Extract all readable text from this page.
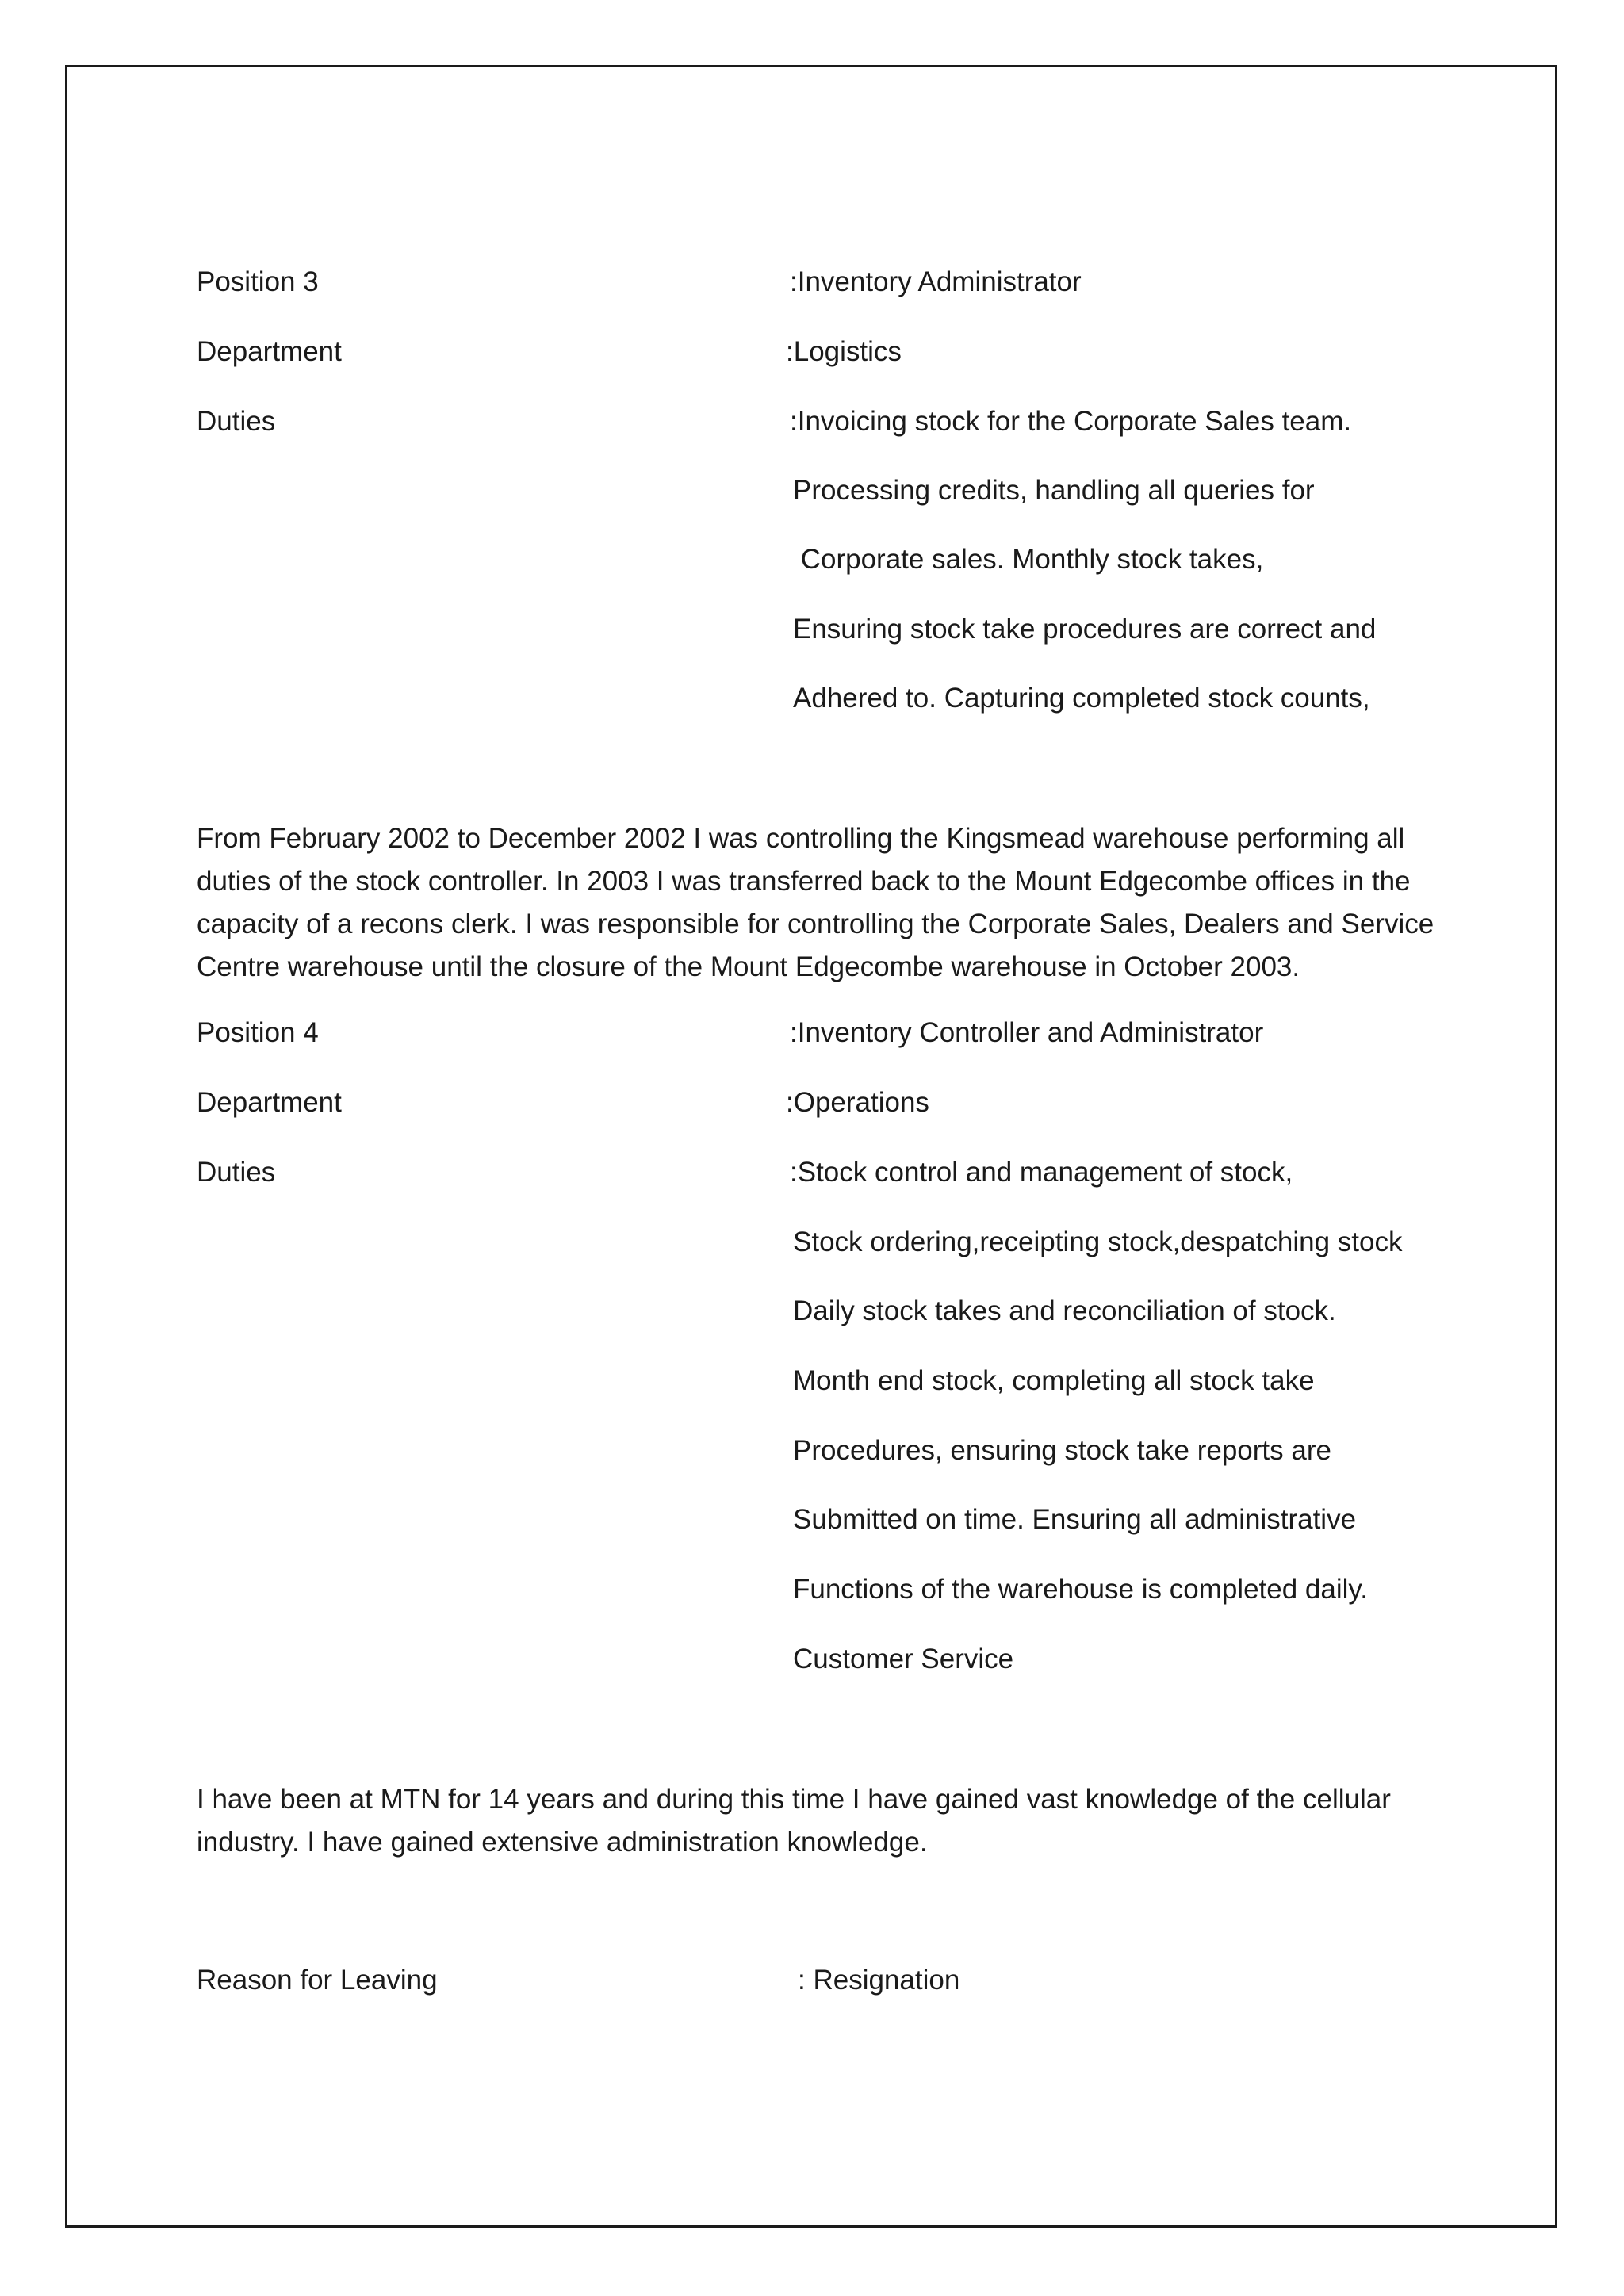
Position 3	:Inventory Administrator
Department	:Logistics
Duties	:Invoicing stock for the Corporate Sales team.
Processing credits, handling all queries for
Corporate sales. Monthly stock takes,
Ensuring stock take procedures are correct and
Adhered to. Capturing completed stock counts,
From February 2002 to December 2002 I was controlling the Kingsmead warehouse performing all
duties of the stock controller. In 2003 I was transferred back to the Mount Edgecombe offices in the
capacity of a recons clerk. I was responsible for controlling the Corporate Sales, Dealers and Service
Centre warehouse until the closure of the Mount Edgecombe warehouse in October 2003.
Position 4	:Inventory Controller and Administrator
Department	:Operations
Duties	:Stock control and management of stock,
Stock ordering,receipting stock,despatching stock
Daily stock takes and reconciliation of stock.
Month end stock, completing all stock take
Procedures, ensuring stock take reports are
Submitted on time. Ensuring all administrative
Functions of the warehouse is completed daily.
Customer Service
I have been at MTN for 14 years and during this time I have gained vast knowledge of the cellular
industry. I have gained extensive administration knowledge.
Reason for Leaving	: Resignation
